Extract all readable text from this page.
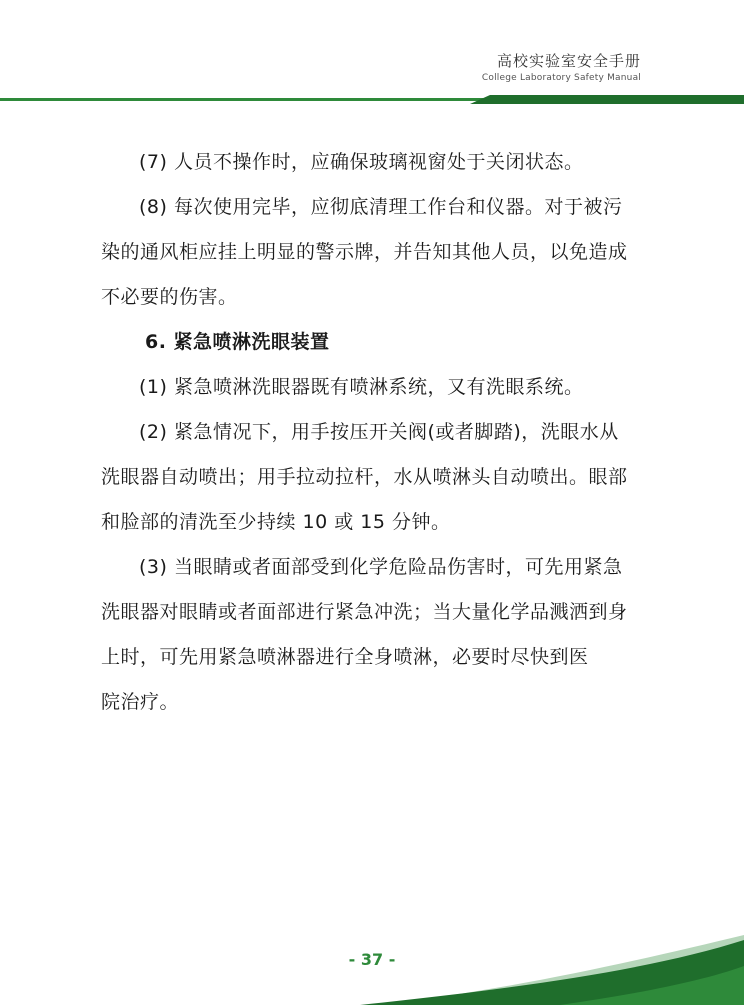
高校实验室安全手册
College Laboratory Safety Manual

(7) 人员不操作时，应确保玻璃视窗处于关闭状态。

(8) 每次使用完毕，应彻底清理工作台和仪器。对于被污
染的通风柜应挂上明显的警示牌，并告知其他人员，以免造成
不必要的伤害。

6. 紧急喷淋洗眼装置

(1) 紧急喷淋洗眼器既有喷淋系统，又有洗眼系统。

(2) 紧急情况下，用手按压开关阀(或者脚踏)，洗眼水从
洗眼器自动喷出；用手拉动拉杆，水从喷淋头自动喷出。眼部
和脸部的清洗至少持续 10 或 15 分钟。

(3) 当眼睛或者面部受到化学危险品伤害时，可先用紧急
洗眼器对眼睛或者面部进行紧急冲洗；当大量化学品溅洒到身
上时，可先用紧急喷淋器进行全身喷淋，必要时尽快到医
院治疗。

- 37 -
